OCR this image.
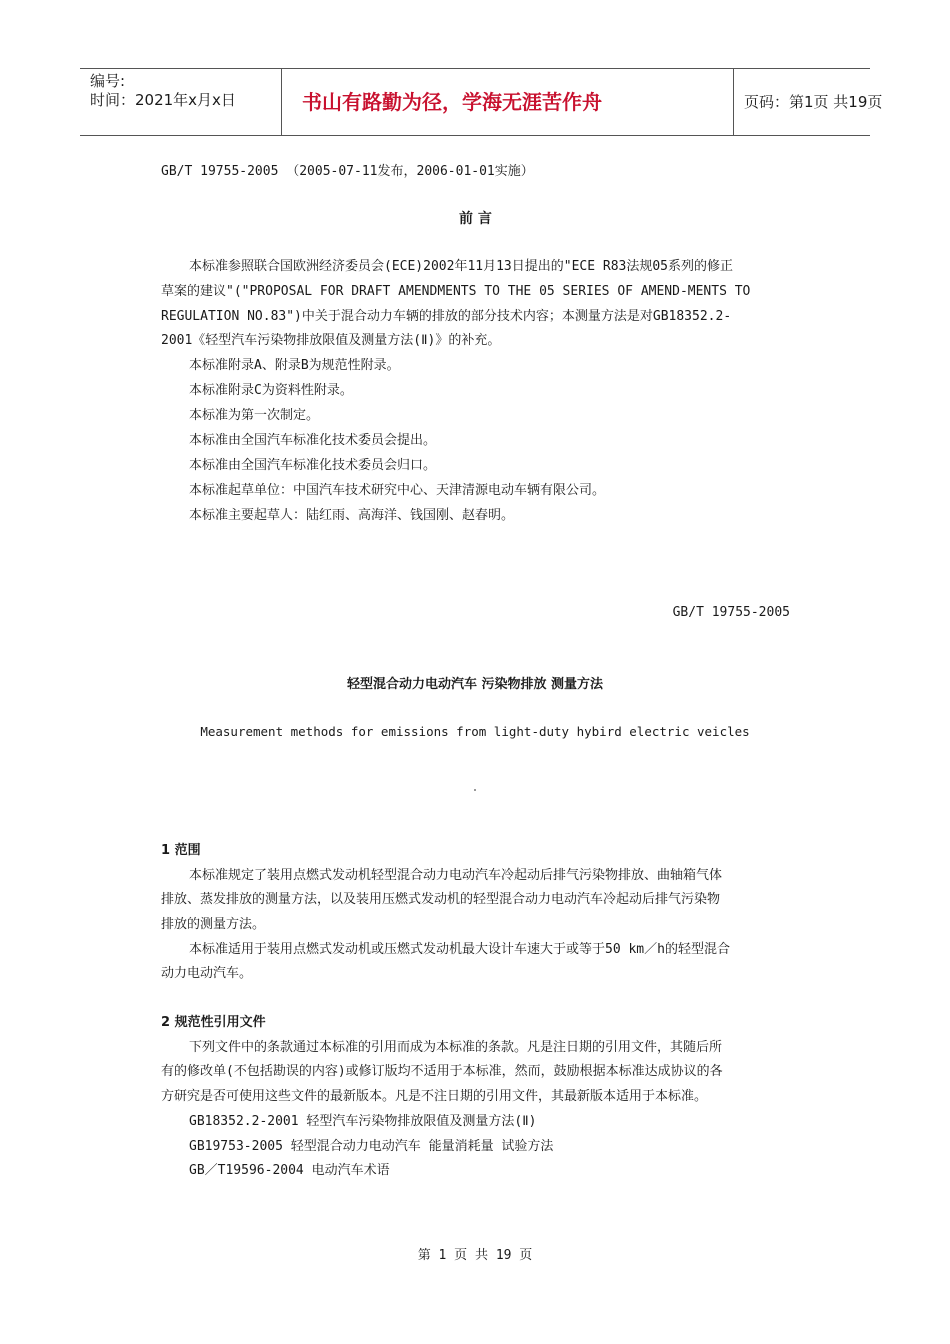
编号:
时间：2021年x月x日	书山有路勤为径，学海无涯苦作舟	页码：第1页 共19页
GB/T 19755-2005 （2005-07-11发布，2006-01-01实施）
前 言
本标准参照联合国欧洲经济委员会(ECE)2002年11月13日提出的"ECE R83法规05系列的修正
草案的建议"("PROPOSAL FOR DRAFT AMENDMENTS TO THE 05 SERIES OF AMEND-MENTS TO
REGULATION NO.83")中关于混合动力车辆的排放的部分技术内容；本测量方法是对GB18352.2-
2001《轻型汽车污染物排放限值及测量方法(Ⅱ)》的补充。
本标准附录A、附录B为规范性附录。
本标准附录C为资料性附录。
本标准为第一次制定。
本标准由全国汽车标准化技术委员会提出。
本标准由全国汽车标准化技术委员会归口。
本标准起草单位：中国汽车技术研究中心、天津清源电动车辆有限公司。
本标准主要起草人：陆红雨、高海洋、钱国刚、赵春明。
GB/T 19755-2005
轻型混合动力电动汽车 污染物排放 测量方法
Measurement methods for emissions from light-duty hybird electric veicles
1 范围
本标准规定了装用点燃式发动机轻型混合动力电动汽车冷起动后排气污染物排放、曲轴箱气体
排放、蒸发排放的测量方法，以及装用压燃式发动机的轻型混合动力电动汽车冷起动后排气污染物
排放的测量方法。
本标准适用于装用点燃式发动机或压燃式发动机最大设计车速大于或等于50 km／h的轻型混合
动力电动汽车。
2 规范性引用文件
下列文件中的条款通过本标准的引用而成为本标准的条款。凡是注日期的引用文件，其随后所
有的修改单(不包括勘误的内容)或修订版均不适用于本标准，然而，鼓励根据本标准达成协议的各
方研究是否可使用这些文件的最新版本。凡是不注日期的引用文件，其最新版本适用于本标准。
GB18352.2-2001 轻型汽车污染物排放限值及测量方法(Ⅱ)
GB19753-2005 轻型混合动力电动汽车 能量消耗量 试验方法
GB／T19596-2004 电动汽车术语
第 1 页 共 19 页
